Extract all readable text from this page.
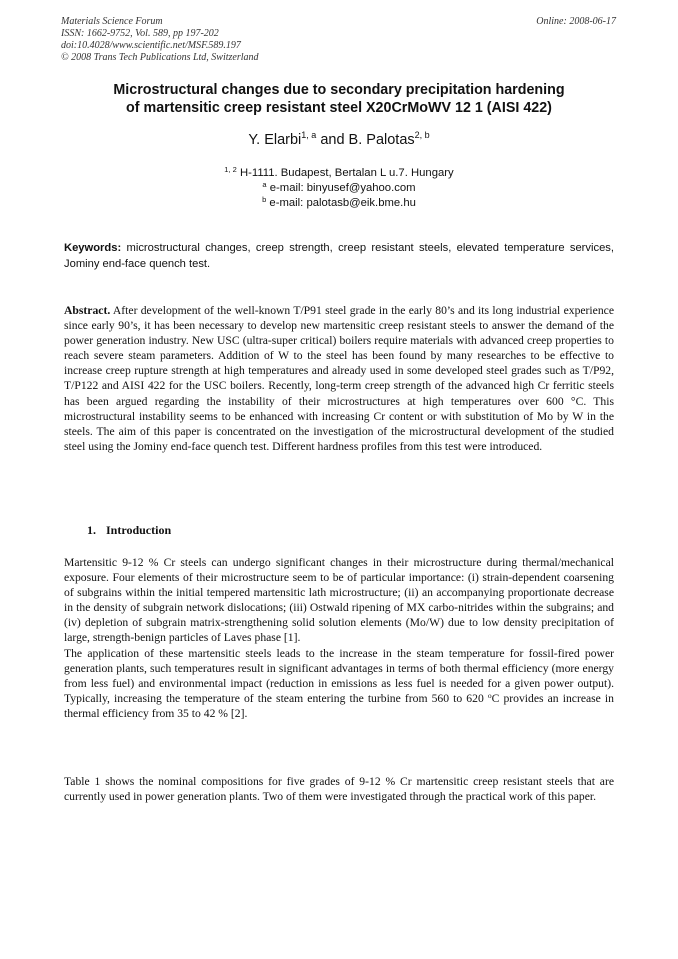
Materials Science Forum
ISSN: 1662-9752, Vol. 589, pp 197-202
doi:10.4028/www.scientific.net/MSF.589.197
© 2008 Trans Tech Publications Ltd, Switzerland
Online: 2008-06-17
Microstructural changes due to secondary precipitation hardening
of martensitic creep resistant steel X20CrMoWV 12 1 (AISI 422)
Y. Elarbi$^{1, a}$ and B. Palotas$^{2, b}$
$^{1, 2}$ H-1111. Budapest, Bertalan L u.7. Hungary
$^a$ e-mail: binyusef@yahoo.com
$^b$ e-mail: palotasb@eik.bme.hu
Keywords: microstructural changes, creep strength, creep resistant steels, elevated temperature services, Jominy end-face quench test.
Abstract. After development of the well-known T/P91 steel grade in the early 80’s and its long industrial experience since early 90’s, it has been necessary to develop new martensitic creep resistant steels to answer the demand of the power generation industry. New USC (ultra-super critical) boilers require materials with advanced creep properties to reach severe steam parameters. Addition of W to the steel has been found by many researches to be effective to increase creep rupture strength at high temperatures and already used in some developed steel grades such as T/P92, T/P122 and AISI 422 for the USC boilers. Recently, long-term creep strength of the advanced high Cr ferritic steels has been argued regarding the instability of their microstructures at high temperatures over 600 °C. This microstructural instability seems to be enhanced with increasing Cr content or with substitution of Mo by W in the steels. The aim of this paper is concentrated on the investigation of the microstructural development of the studied steel using the Jominy end-face quench test. Different hardness profiles from this test were introduced.
1. Introduction

Martensitic 9-12 % Cr steels can undergo significant changes in their microstructure during thermal/mechanical exposure. Four elements of their microstructure seem to be of particular importance: (i) strain-dependent coarsening of subgrains within the initial tempered martensitic lath microstructure; (ii) an accompanying proportionate decrease in the density of subgrain network dislocations; (iii) Ostwald ripening of MX carbo-nitrides within the subgrains; and (iv) depletion of subgrain matrix-strengthening solid solution elements (Mo/W) due to low density precipitation of large, strength-benign particles of Laves phase [1].

The application of these martensitic steels leads to the increase in the steam temperature for fossil-fired power generation plants, such temperatures result in significant advantages in terms of both thermal efficiency (more energy from less fuel) and environmental impact (reduction in emissions as less fuel is needed for a given power output). Typically, increasing the temperature of the steam entering the turbine from 560 to 620 $^o$C provides an increase in thermal efficiency from 35 to 42 % [2].

Table 1 shows the nominal compositions for five grades of 9-12 % Cr martensitic creep resistant steels that are currently used in power generation plants. Two of them were investigated through the practical work of this paper.
